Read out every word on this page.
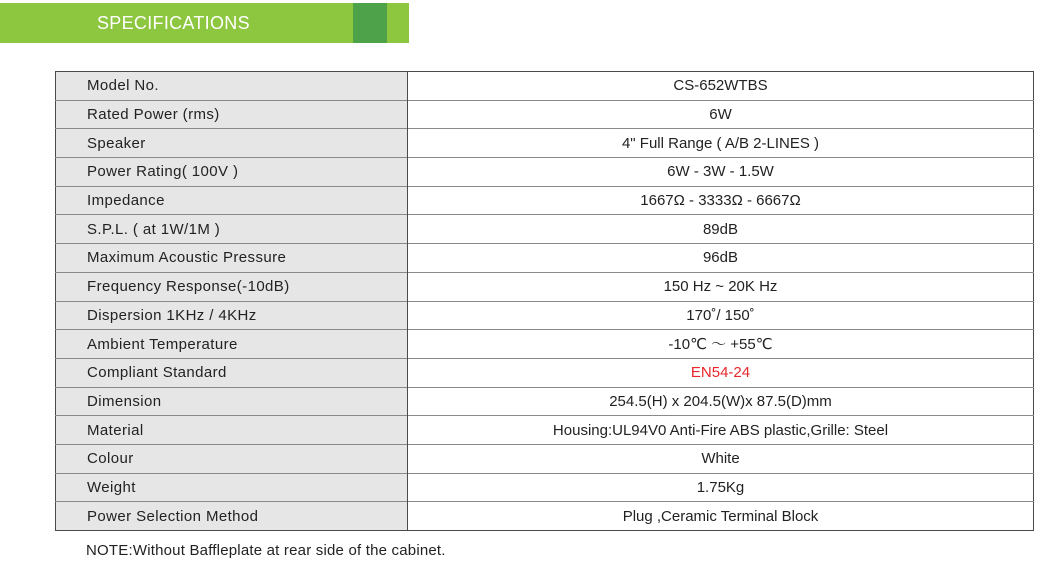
SPECIFICATIONS
Model No.	CS-652WTBS
Rated Power (rms)	6W
Speaker	4" Full Range ( A/B 2-LINES )
Power Rating( 100V )	6W - 3W - 1.5W
Impedance	1667Ω - 3333Ω - 6667Ω
S.P.L. ( at 1W/1M )	89dB
Maximum Acoustic Pressure	96dB
Frequency Response(-10dB)	150 Hz ~ 20K Hz
Dispersion 1KHz / 4KHz	170˚/ 150˚
Ambient Temperature	-10℃ ～ +55℃
Compliant Standard	EN54-24
Dimension	254.5(H) x 204.5(W)x 87.5(D)mm
Material	Housing:UL94V0 Anti-Fire ABS plastic,Grille: Steel
Colour	White
Weight	1.75Kg
Power Selection Method	Plug ,Ceramic Terminal Block
NOTE:Without Baffleplate at rear side of the cabinet.
